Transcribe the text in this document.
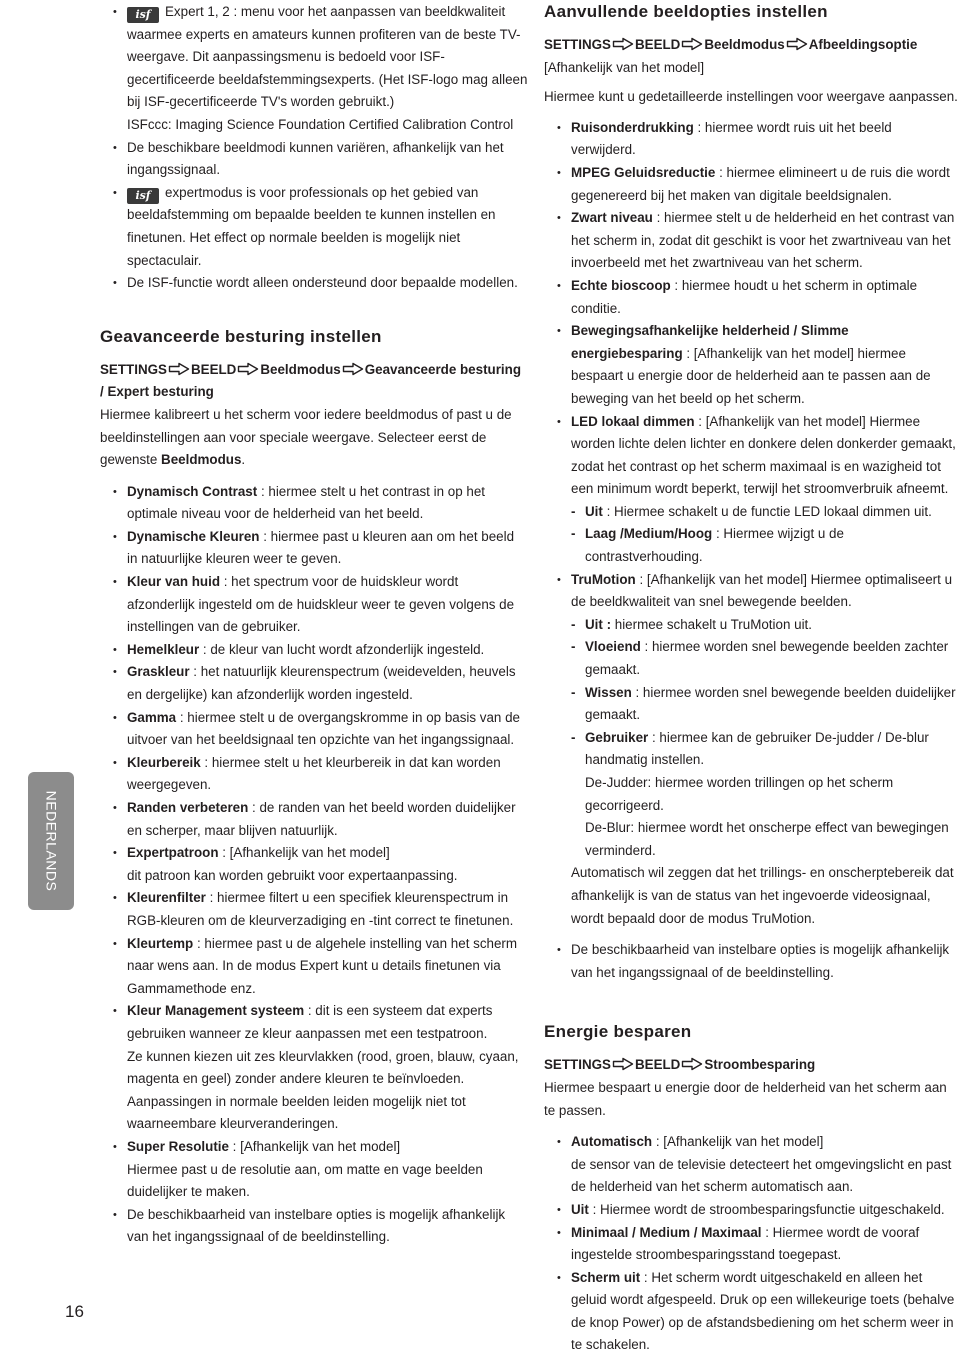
NEDERLANDS
16
• isf Expert 1, 2 : menu voor het aanpassen van beeldkwaliteit waarmee experts en amateurs kunnen profiteren van de beste TV-weergave. Dit aanpassingsmenu is bedoeld voor ISF-gecertificeerde beeldafstemmingsexperts. (Het ISF-logo mag alleen bij ISF-gecertificeerde TV's worden gebruikt.)

ISFccc: Imaging Science Foundation Certified Calibration Control

• De beschikbare beeldmodi kunnen variëren, afhankelijk van het ingangssignaal.
• isf expertmodus is voor professionals op het gebied van beeldafstemming om bepaalde beelden te kunnen instellen en finetunen. Het effect op normale beelden is mogelijk niet spectaculair.
• De ISF-functie wordt alleen ondersteund door bepaalde modellen.
Geavanceerde besturing instellen

SETTINGS BEELD Beeldmodus Geavanceerde besturing / Expert besturing

Hiermee kalibreert u het scherm voor iedere beeldmodus of past u de beeldinstellingen aan voor speciale weergave. Selecteer eerst de gewenste Beeldmodus.

• Dynamisch Contrast : hiermee stelt u het contrast in op het optimale niveau voor de helderheid van het beeld.
• Dynamische Kleuren : hiermee past u kleuren aan om het beeld in natuurlijke kleuren weer te geven.
• Kleur van huid : het spectrum voor de huidskleur wordt afzonderlijk ingesteld om de huidskleur weer te geven volgens de instellingen van de gebruiker.
• Hemelkleur : de kleur van lucht wordt afzonderlijk ingesteld.
• Graskleur : het natuurlijk kleurenspectrum (weidevelden, heuvels en dergelijke) kan afzonderlijk worden ingesteld.
• Gamma : hiermee stelt u de overgangskromme in op basis van de uitvoer van het beeldsignaal ten opzichte van het ingangssignaal.
• Kleurbereik : hiermee stelt u het kleurbereik in dat kan worden weergegeven.
• Randen verbeteren : de randen van het beeld worden duidelijker en scherper, maar blijven natuurlijk.
• Expertpatroon : [Afhankelijk van het model]
dit patroon kan worden gebruikt voor expertaanpassing.
• Kleurenfilter : hiermee filtert u een specifiek kleurenspectrum in RGB-kleuren om de kleurverzadiging en -tint correct te finetunen.
• Kleurtemp : hiermee past u de algehele instelling van het scherm naar wens aan. In de modus Expert kunt u details finetunen via Gammamethode enz.
• Kleur Management systeem : dit is een systeem dat experts gebruiken wanneer ze kleur aanpassen met een testpatroon.
Ze kunnen kiezen uit zes kleurvlakken (rood, groen, blauw, cyaan, magenta en geel) zonder andere kleuren te beïnvloeden. Aanpassingen in normale beelden leiden mogelijk niet tot waarneembare kleurveranderingen.
• Super Resolutie : [Afhankelijk van het model]
Hiermee past u de resolutie aan, om matte en vage beelden duidelijker te maken.
• De beschikbaarheid van instelbare opties is mogelijk afhankelijk van het ingangssignaal of de beeldinstelling.
Aanvullende beeldopties instellen

SETTINGS BEELD Beeldmodus Afbeeldingsoptie

[Afhankelijk van het model]

Hiermee kunt u gedetailleerde instellingen voor weergave aanpassen.

• Ruisonderdrukking : hiermee wordt ruis uit het beeld verwijderd.
• MPEG Geluidsreductie : hiermee elimineert u de ruis die wordt gegenereerd bij het maken van digitale beeldsignalen.
• Zwart niveau : hiermee stelt u de helderheid en het contrast van het scherm in, zodat dit geschikt is voor het zwartniveau van het invoerbeeld met het zwartniveau van het scherm.
• Echte bioscoop : hiermee houdt u het scherm in optimale conditie.
• Bewegingsafhankelijke helderheid / Slimme energiebesparing : [Afhankelijk van het model] hiermee bespaart u energie door de helderheid aan te passen aan de beweging van het beeld op het scherm.
• LED lokaal dimmen : [Afhankelijk van het model] Hiermee worden lichte delen lichter en donkere delen donkerder gemaakt, zodat het contrast op het scherm maximaal is en wazigheid tot een minimum wordt beperkt, terwijl het stroomverbruik afneemt.
- Uit : Hiermee schakelt u de functie LED lokaal dimmen uit.
- Laag /Medium/Hoog : Hiermee wijzigt u de contrastverhouding.
• TruMotion : [Afhankelijk van het model] Hiermee optimaliseert u de beeldkwaliteit van snel bewegende beelden.
- Uit : hiermee schakelt u TruMotion uit.
- Vloeiend : hiermee worden snel bewegende beelden zachter gemaakt.
- Wissen : hiermee worden snel bewegende beelden duidelijker gemaakt.
- Gebruiker : hiermee kan de gebruiker De-judder / De-blur handmatig instellen.
De-Judder: hiermee worden trillingen op het scherm gecorrigeerd.
De-Blur: hiermee wordt het onscherpe effect van bewegingen verminderd.
Automatisch wil zeggen dat het trillings- en onscherptebereik dat afhankelijk is van de status van het ingevoerde videosignaal, wordt bepaald door de modus TruMotion.
• De beschikbaarheid van instelbare opties is mogelijk afhankelijk van het ingangssignaal of de beeldinstelling.
Energie besparen

SETTINGS BEELD Stroombesparing

Hiermee bespaart u energie door de helderheid van het scherm aan te passen.

• Automatisch : [Afhankelijk van het model]
de sensor van de televisie detecteert het omgevingslicht en past de helderheid van het scherm automatisch aan.
• Uit : Hiermee wordt de stroombesparingsfunctie uitgeschakeld.
• Minimaal / Medium / Maximaal : Hiermee wordt de vooraf ingestelde stroombesparingsstand toegepast.
• Scherm uit : Het scherm wordt uitgeschakeld en alleen het geluid wordt afgespeeld. Druk op een willekeurige toets (behalve de knop Power) op de afstandsbediening om het scherm weer in te schakelen.
